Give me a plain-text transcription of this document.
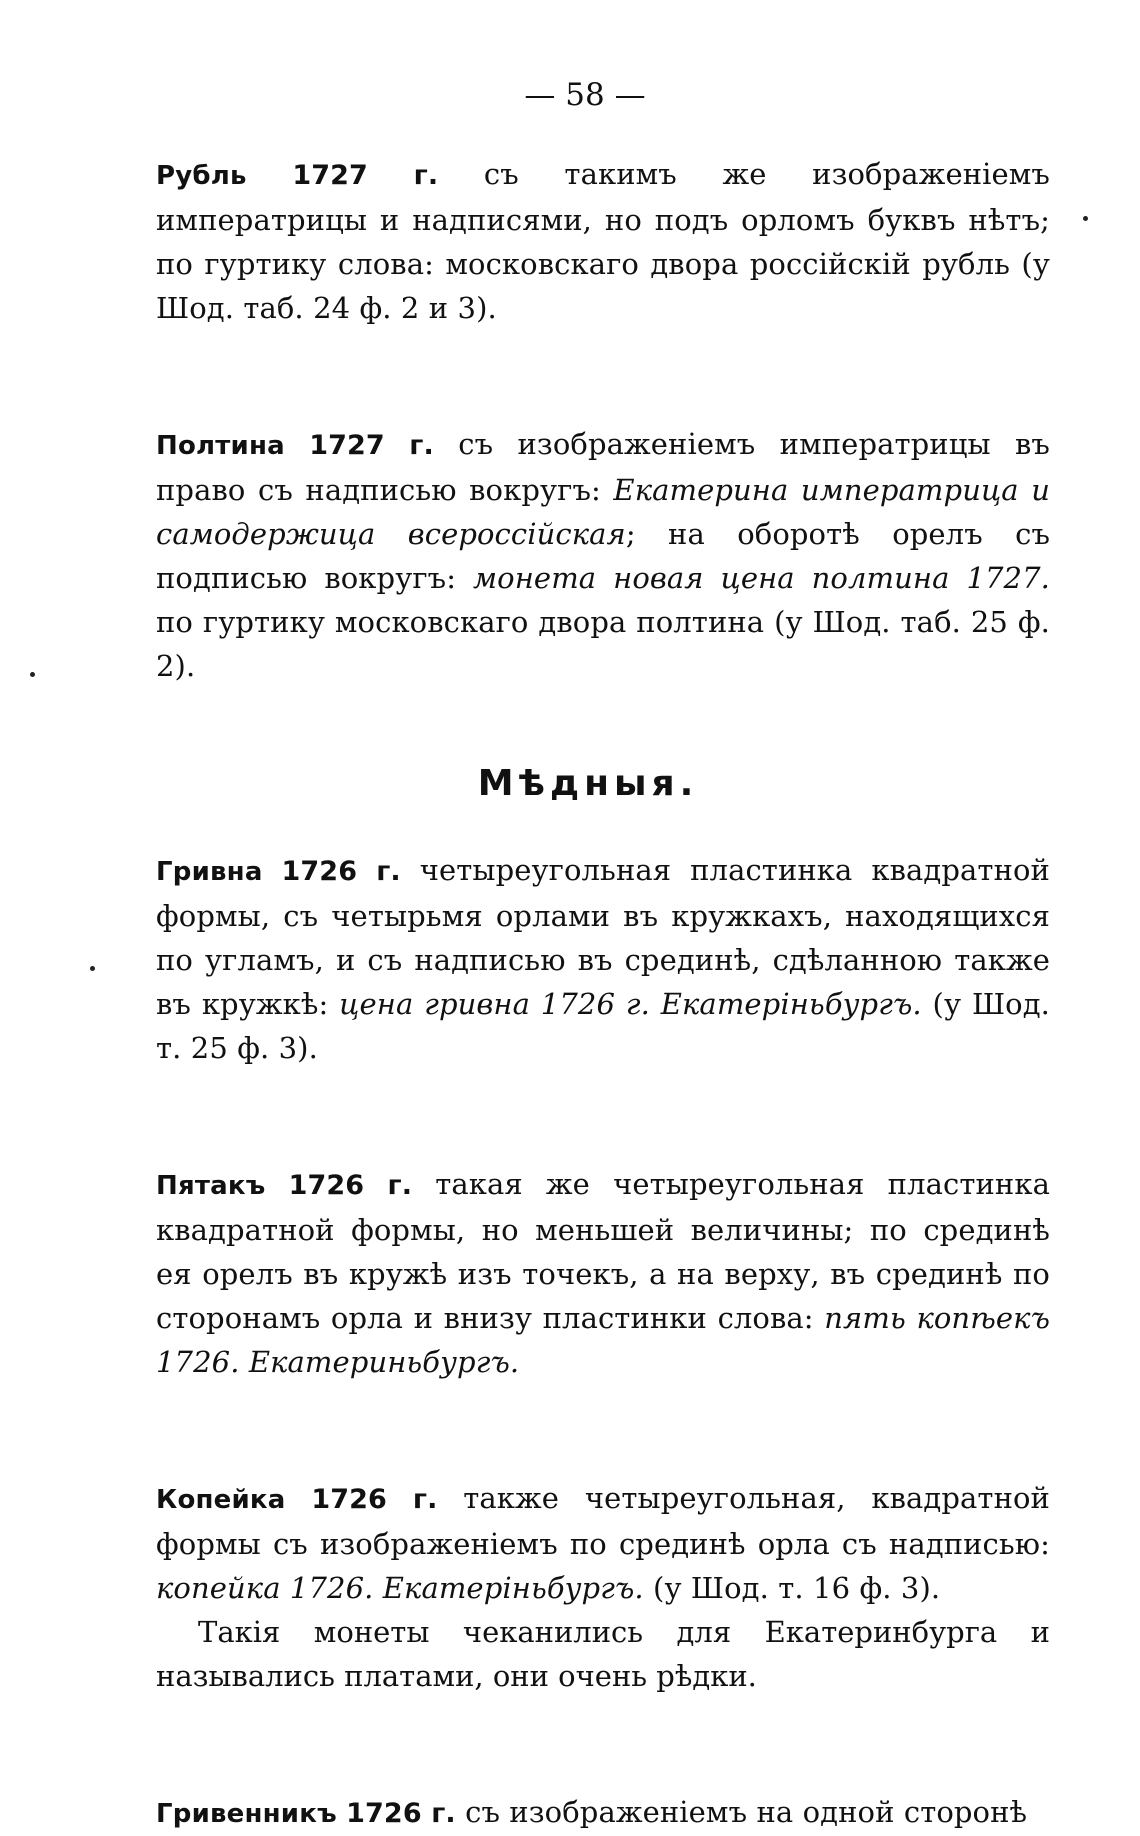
— 58 —

Рубль 1727 г. съ такимъ же изображенiемъ императрицы и надписями, но подъ орломъ буквъ нѣтъ; по гуртику слова: московскаго двора россiйскiй рубль (у Шод. таб. 24 ф. 2 и 3).

Полтина 1727 г. съ изображенiемъ императрицы въ право съ надписью вокругъ: Екатерина императрица и самодержица всероссiйская; на оборотѣ орелъ съ подписью вокругъ: монета новая цена полтина 1727. по гуртику московскаго двора полтина (у Шод. таб. 25 ф. 2).

Мѣдныя.

Гривна 1726 г. четыреугольная пластинка квадратной формы, съ четырьмя орлами въ кружкахъ, находящихся по угламъ, и съ надписью въ срединѣ, сдѣланною также въ кружкѣ: цена гривна 1726 г. Екатерiньбургъ. (у Шод. т. 25 ф. 3).

Пятакъ 1726 г. такая же четыреугольная пластинка квадратной формы, но меньшей величины; по срединѣ ея орелъ въ кружѣ изъ точекъ, а на верху, въ срединѣ по сторонамъ орла и внизу пластинки слова: пять копѣекъ 1726. Екатериньбургъ.

Копейка 1726 г. также четыреугольная, квадратной формы съ изображенiемъ по срединѣ орла съ надписью: копейка 1726. Екатерiньбургъ. (у Шод. т. 16 ф. 3).

Такiя монеты чеканились для Екатеринбурга и назывались платами, они очень рѣдки.

Гривенникъ 1726 г. съ изображенiемъ на одной сторонѣ
